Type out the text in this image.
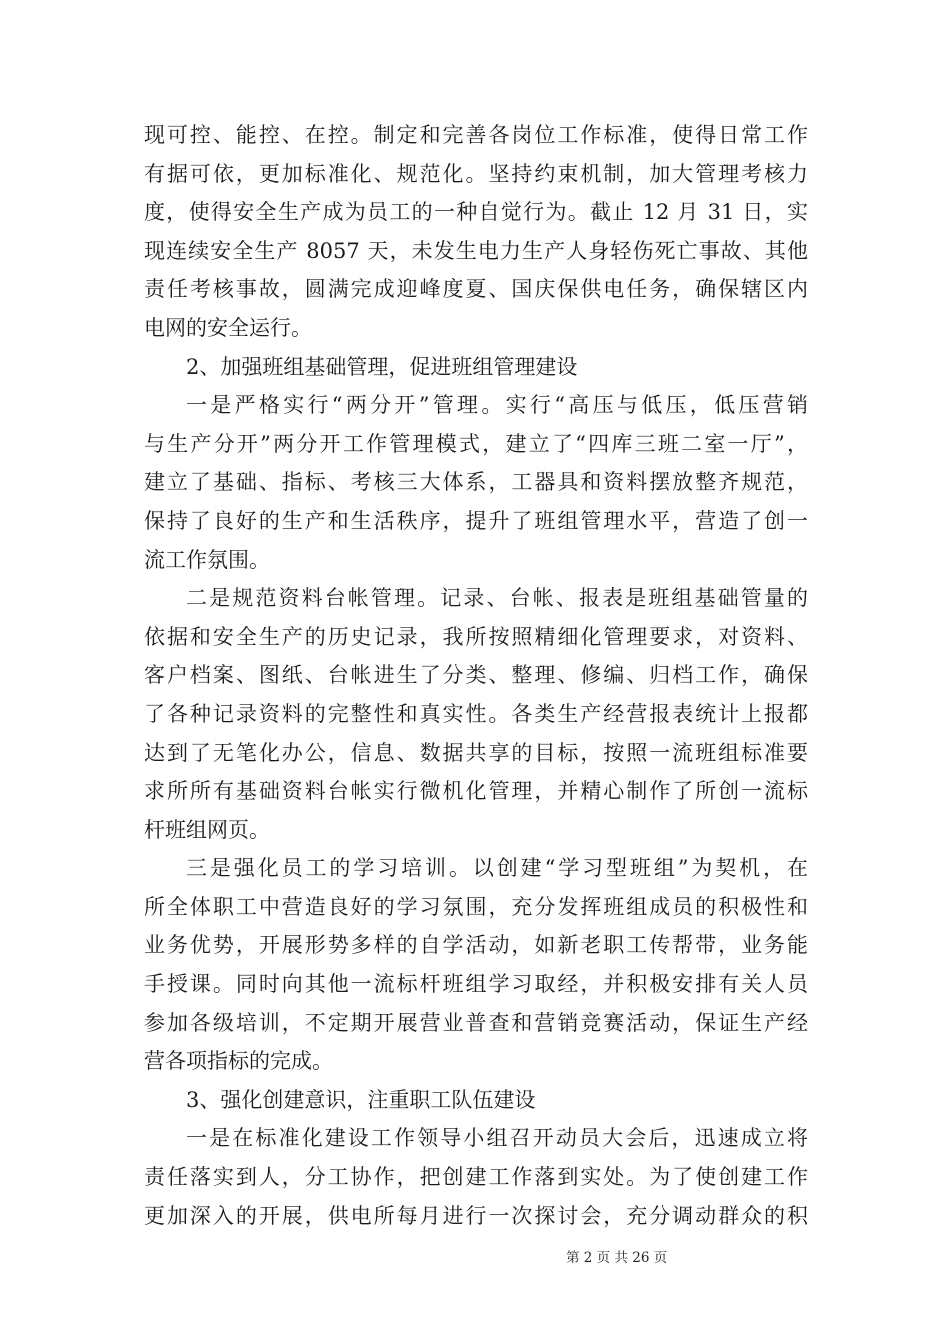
现可控、能控、在控。制定和完善各岗位工作标准，使得日常工作
有据可依，更加标准化、规范化。坚持约束机制，加大管理考核力
度，使得安全生产成为员工的一种自觉行为。截止 12 月 31 日，实
现连续安全生产 8057 天，未发生电力生产人身轻伤死亡事故、其他
责任考核事故，圆满完成迎峰度夏、国庆保供电任务，确保辖区内
电网的安全运行。
2、加强班组基础管理，促进班组管理建设
一是严格实行“两分开”管理。实行“高压与低压，低压营销
与生产分开”两分开工作管理模式，建立了“四库三班二室一厅”，
建立了基础、指标、考核三大体系，工器具和资料摆放整齐规范，
保持了良好的生产和生活秩序，提升了班组管理水平，营造了创一
流工作氛围。
二是规范资料台帐管理。记录、台帐、报表是班组基础管量的
依据和安全生产的历史记录，我所按照精细化管理要求，对资料、
客户档案、图纸、台帐进生了分类、整理、修编、归档工作，确保
了各种记录资料的完整性和真实性。各类生产经营报表统计上报都
达到了无笔化办公，信息、数据共享的目标，按照一流班组标准要
求所所有基础资料台帐实行微机化管理，并精心制作了所创一流标
杆班组网页。
三是强化员工的学习培训。以创建“学习型班组”为契机，在
所全体职工中营造良好的学习氛围，充分发挥班组成员的积极性和
业务优势，开展形势多样的自学活动，如新老职工传帮带，业务能
手授课。同时向其他一流标杆班组学习取经，并积极安排有关人员
参加各级培训，不定期开展营业普查和营销竞赛活动，保证生产经
营各项指标的完成。
3、强化创建意识，注重职工队伍建设
一是在标准化建设工作领导小组召开动员大会后，迅速成立将
责任落实到人，分工协作，把创建工作落到实处。为了使创建工作
更加深入的开展，供电所每月进行一次探讨会，充分调动群众的积
第 2 页 共 26 页
